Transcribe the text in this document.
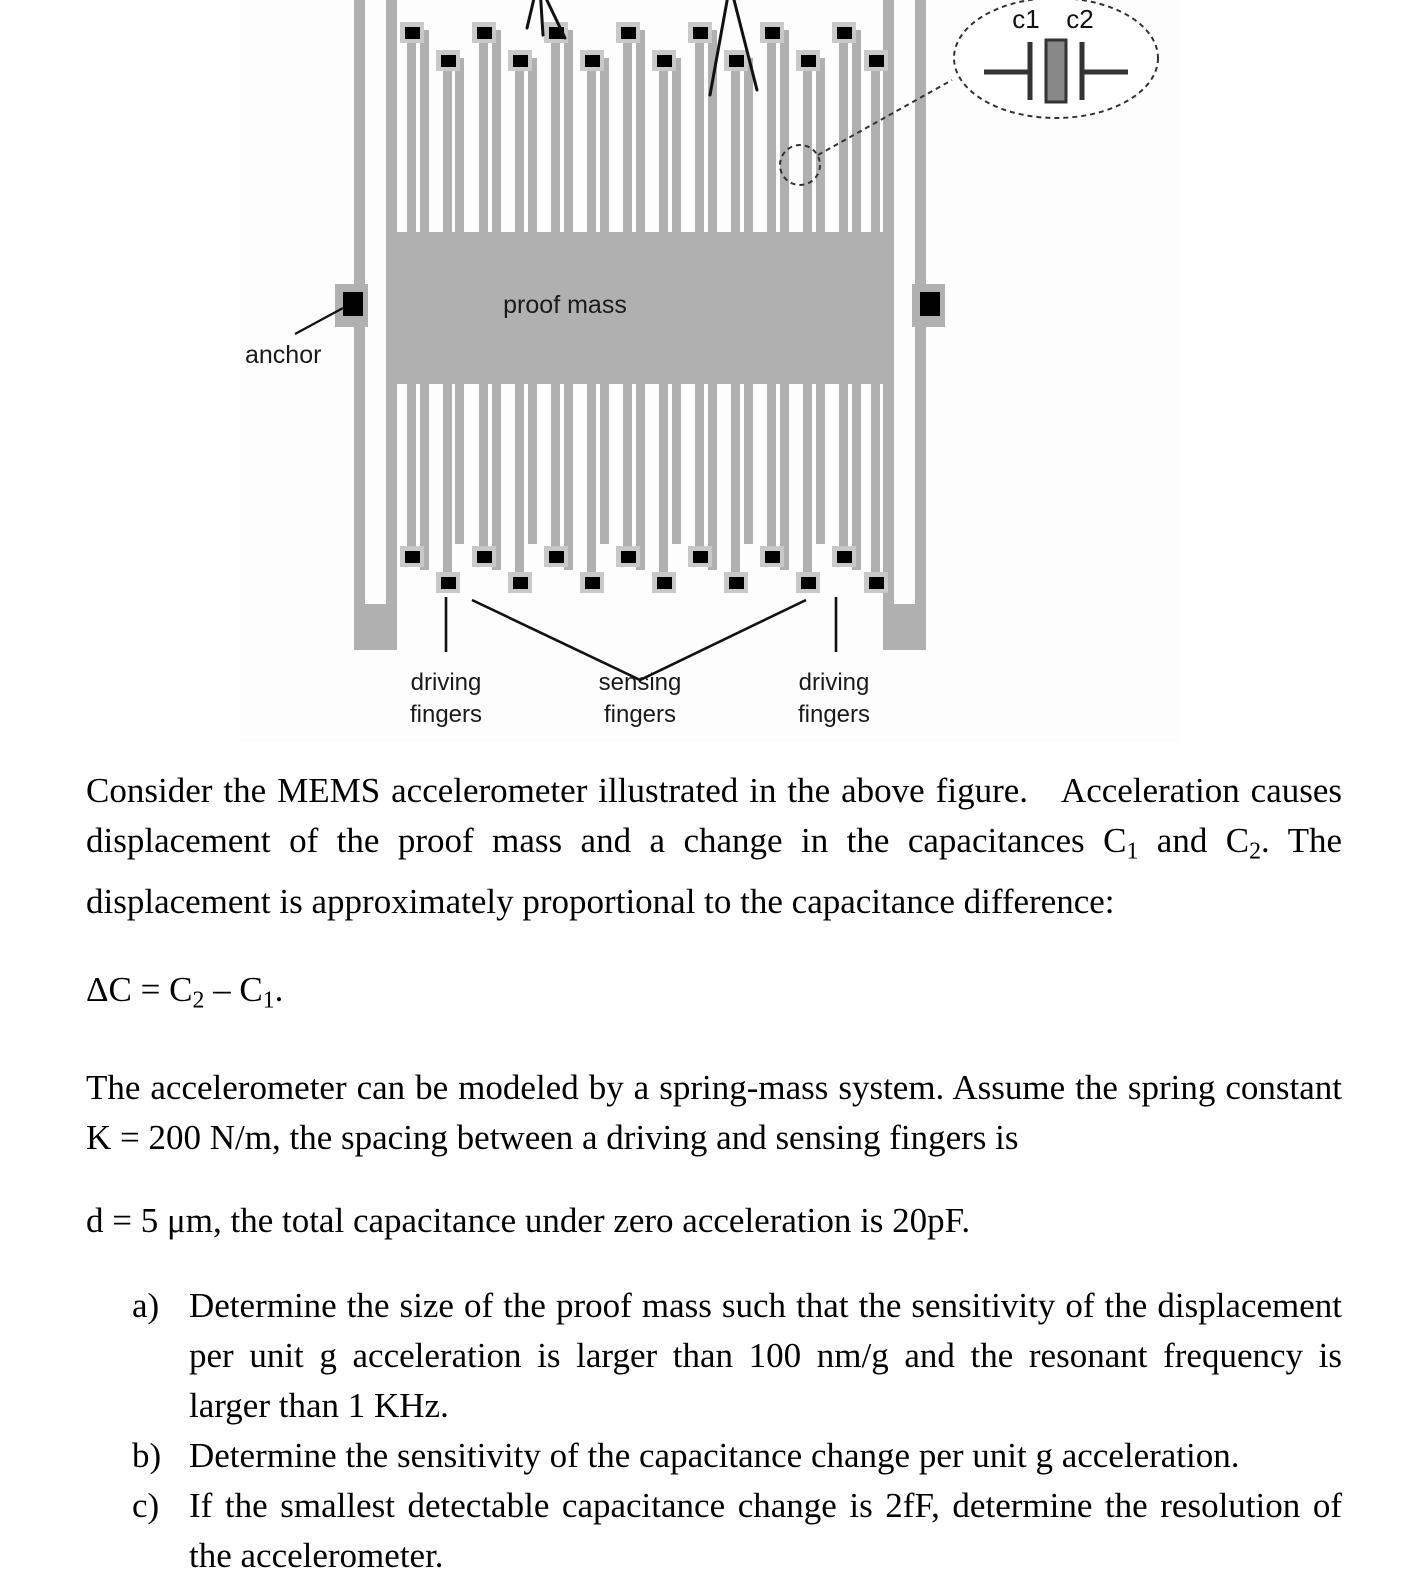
anchor
proof mass
driving
fingers
sensing
fingers
driving
fingers
c1 c2

Consider the MEMS accelerometer illustrated in the above figure. Acceleration causes displacement of the proof mass and a change in the capacitances $C_1$ and $C_2$. The displacement is approximately proportional to the capacitance difference:

$\Delta C = C_2 - C_1$.

The accelerometer can be modeled by a spring-mass system. Assume the spring constant K = 200 N/m, the spacing between a driving and sensing fingers is

d = 5 μm, the total capacitance under zero acceleration is 20pF.

a) Determine the size of the proof mass such that the sensitivity of the displacement per unit g acceleration is larger than 100 nm/g and the resonant frequency is larger than 1 KHz.
b) Determine the sensitivity of the capacitance change per unit g acceleration.
c) If the smallest detectable capacitance change is 2fF, determine the resolution of the accelerometer.
